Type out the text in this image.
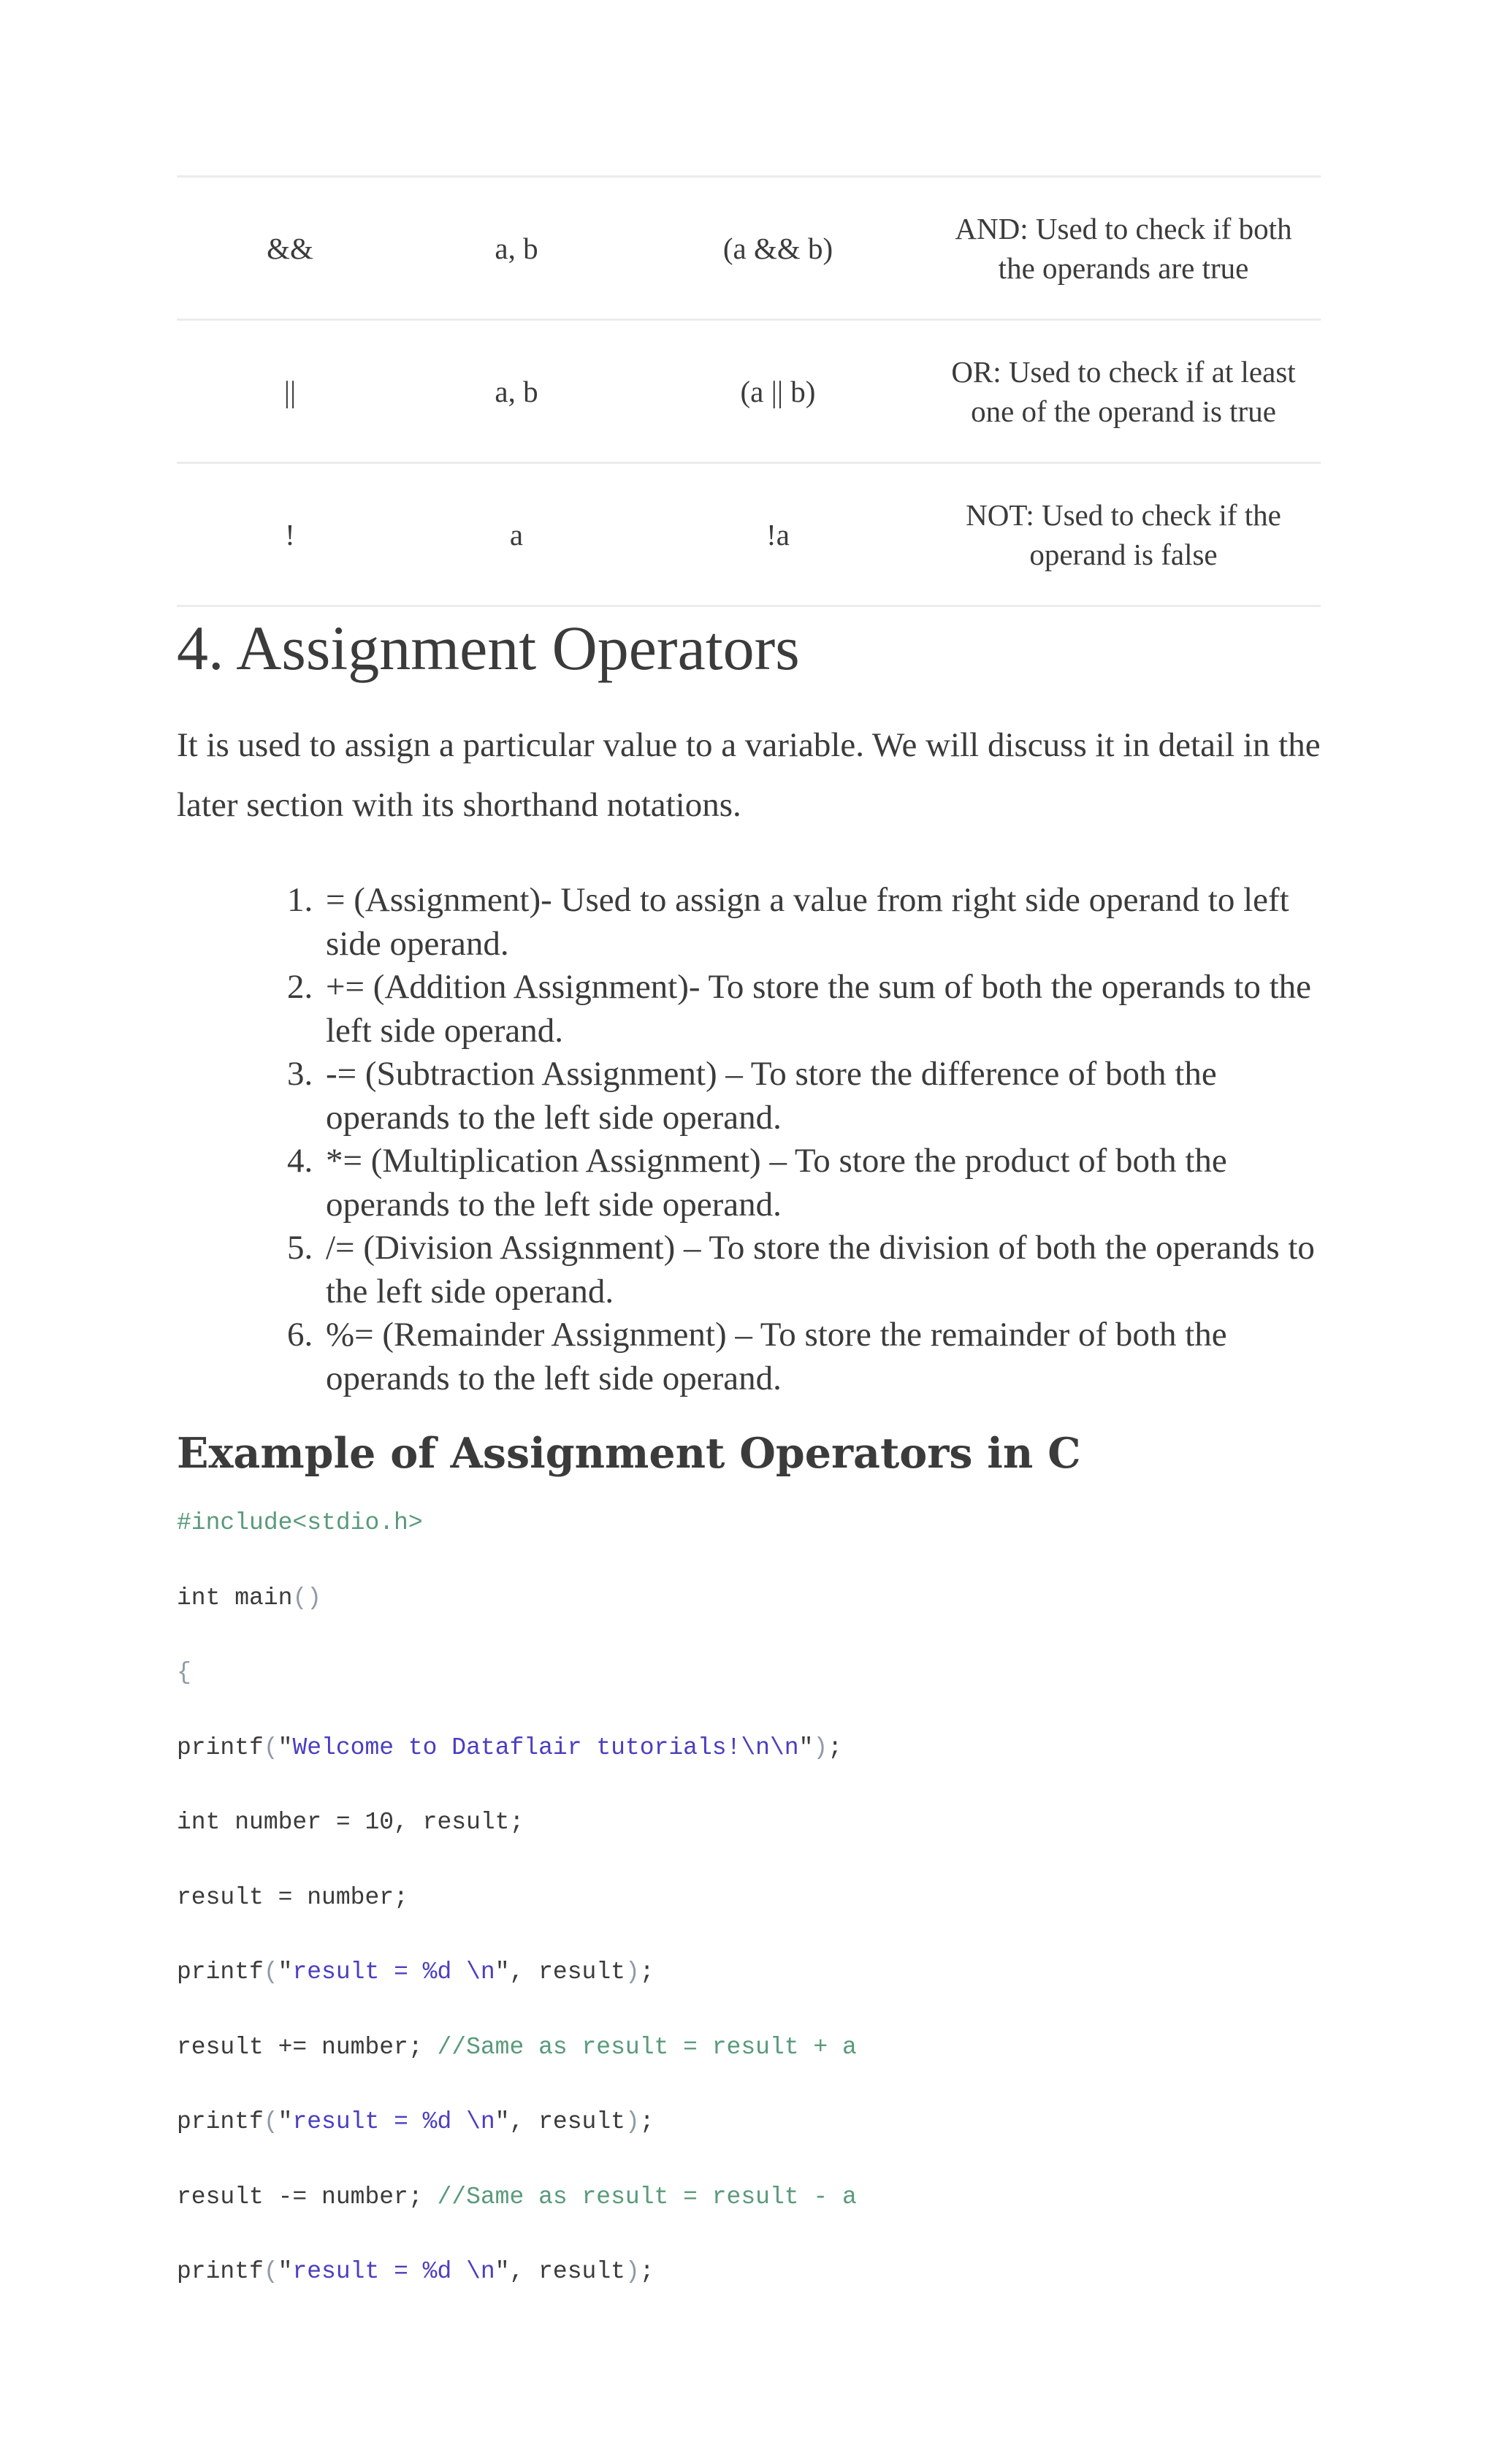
&&	a, b	(a && b)	AND: Used to check if both the operands are true
||	a, b	(a || b)	OR: Used to check if at least one of the operand is true
!	a	!a	NOT: Used to check if the operand is false
4. Assignment Operators

It is used to assign a particular value to a variable. We will discuss it in detail in the later section with its shorthand notations.

1. = (Assignment)- Used to assign a value from right side operand to left side operand.
2. += (Addition Assignment)- To store the sum of both the operands to the left side operand.
3. -= (Subtraction Assignment) – To store the difference of both the operands to the left side operand.
4. *= (Multiplication Assignment) – To store the product of both the operands to the left side operand.
5. /= (Division Assignment) – To store the division of both the operands to the left side operand.
6. %= (Remainder Assignment) – To store the remainder of both the operands to the left side operand.
Example of Assignment Operators in C
#include<stdio.h>
int main()
{
printf("Welcome to Dataflair tutorials!\n\n");
int number = 10, result;
result = number;
printf("result = %d \n", result);
result += number; //Same as result = result + a
printf("result = %d \n", result);
result -= number; //Same as result = result - a
printf("result = %d \n", result);
